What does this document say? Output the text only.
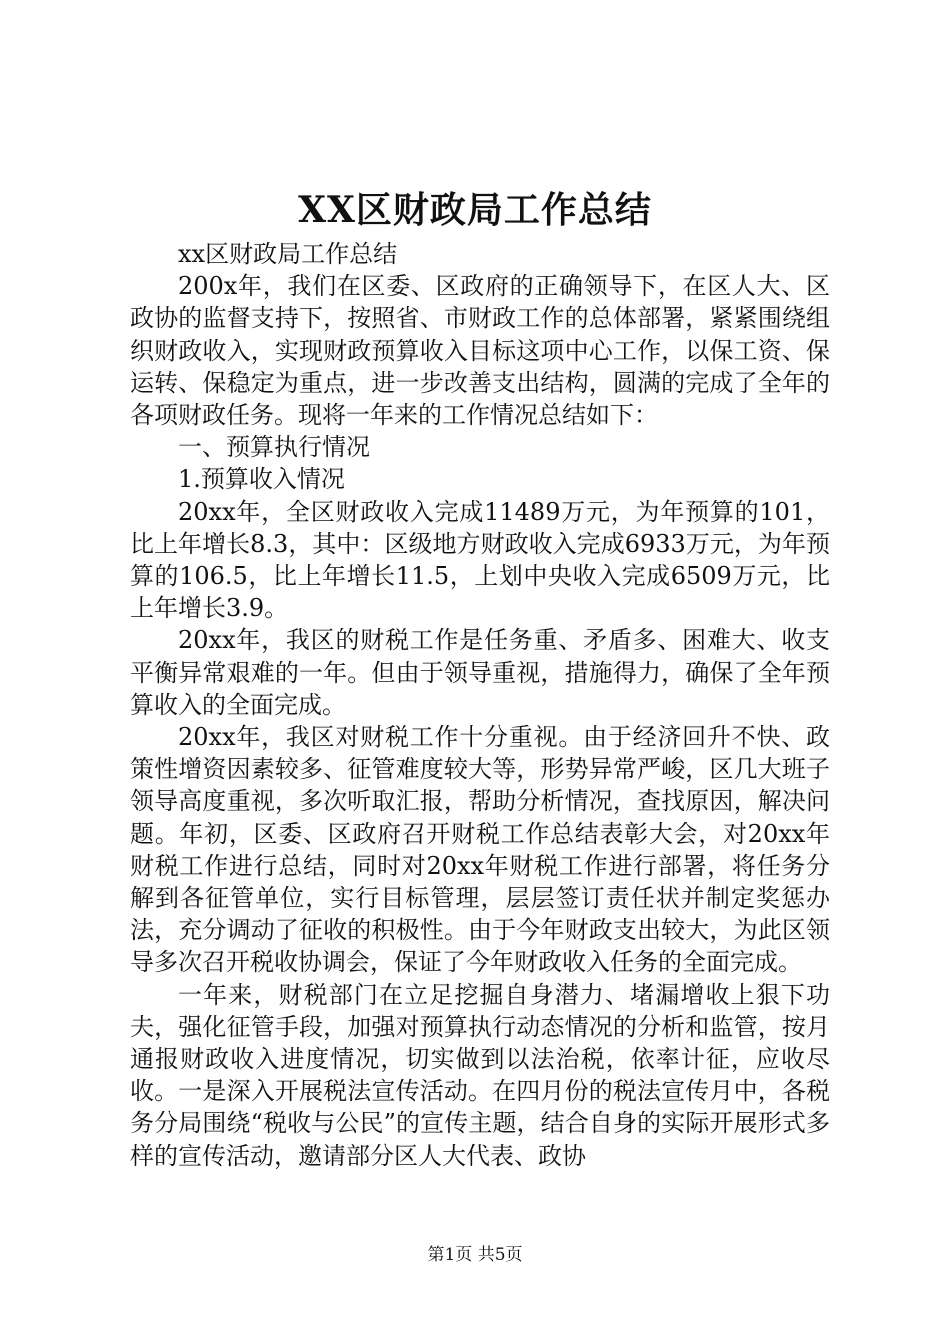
XX区财政局工作总结

xx区财政局工作总结

200x年，我们在区委、区政府的正确领导下，在区人大、区政协的监督支持下，按照省、市财政工作的总体部署，紧紧围绕组织财政收入，实现财政预算收入目标这项中心工作，以保工资、保运转、保稳定为重点，进一步改善支出结构，圆满的完成了全年的各项财政任务。现将一年来的工作情况总结如下：

一、预算执行情况

1.预算收入情况

20xx年，全区财政收入完成11489万元，为年预算的101，比上年增长8.3，其中：区级地方财政收入完成6933万元，为年预算的106.5，比上年增长11.5，上划中央收入完成6509万元，比上年增长3.9。

20xx年，我区的财税工作是任务重、矛盾多、困难大、收支平衡异常艰难的一年。但由于领导重视，措施得力，确保了全年预算收入的全面完成。

20xx年，我区对财税工作十分重视。由于经济回升不快、政策性增资因素较多、征管难度较大等，形势异常严峻，区几大班子领导高度重视，多次听取汇报，帮助分析情况，查找原因，解决问题。年初，区委、区政府召开财税工作总结表彰大会，对20xx年财税工作进行总结，同时对20xx年财税工作进行部署，将任务分解到各征管单位，实行目标管理，层层签订责任状并制定奖惩办法，充分调动了征收的积极性。由于今年财政支出较大，为此区领导多次召开税收协调会，保证了今年财政收入任务的全面完成。

一年来，财税部门在立足挖掘自身潜力、堵漏增收上狠下功夫，强化征管手段，加强对预算执行动态情况的分析和监管，按月通报财政收入进度情况，切实做到以法治税，依率计征，应收尽收。一是深入开展税法宣传活动。在四月份的税法宣传月中，各税务分局围绕“税收与公民”的宣传主题，结合自身的实际开展形式多样的宣传活动，邀请部分区人大代表、政协

第1页 共5页
